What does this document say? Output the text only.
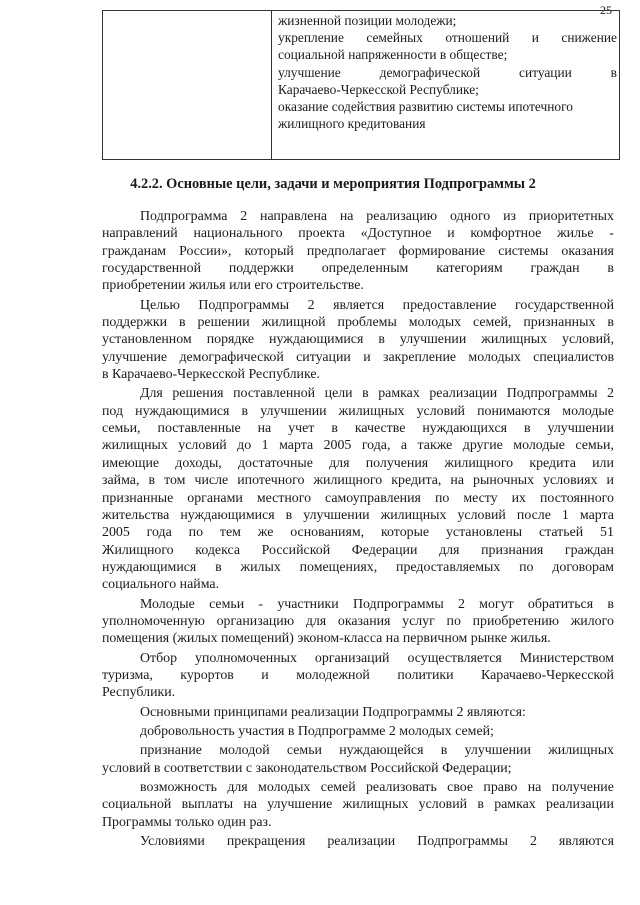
25
жизненной позиции молодежи;
укрепление семейных отношений и снижение
социальной напряженности в обществе;
улучшение	демографической	ситуации	в
Карачаево-Черкесской Республике;
оказание содействия развитию системы ипотечного
жилищного кредитования
4.2.2. Основные цели, задачи и мероприятия Подпрограммы 2
Подпрограмма 2 направлена на реализацию одного из приоритетных
направлений национального проекта «Доступное и комфортное жилье -
гражданам России», который предполагает формирование системы оказания
государственной поддержки определенным категориям граждан в
приобретении жилья или его строительстве.
Целью Подпрограммы 2 является предоставление государственной
поддержки в решении жилищной проблемы молодых семей, признанных в
установленном порядке нуждающимися в улучшении жилищных условий,
улучшение демографической ситуации и закрепление молодых специалистов
в Карачаево-Черкесской Республике.
Для решения поставленной цели в рамках реализации Подпрограммы 2
под нуждающимися в улучшении жилищных условий понимаются молодые
семьи, поставленные на учет в качестве нуждающихся в улучшении
жилищных условий до 1 марта 2005 года, а также другие молодые семьи,
имеющие доходы, достаточные для получения жилищного кредита или
займа, в том числе ипотечного жилищного кредита, на рыночных условиях и
признанные органами местного самоуправления по месту их постоянного
жительства нуждающимися в улучшении жилищных условий после 1 марта
2005 года по тем же основаниям, которые установлены статьей 51
Жилищного кодекса Российской Федерации для признания граждан
нуждающимися в жилых помещениях, предоставляемых по договорам
социального найма.
Молодые семьи - участники Подпрограммы 2 могут обратиться в
уполномоченную организацию для оказания услуг по приобретению жилого
помещения (жилых помещений) эконом-класса на первичном рынке жилья.
Отбор уполномоченных организаций осуществляется Министерством
туризма, курортов и молодежной политики Карачаево-Черкесской
Республики.
Основными принципами реализации Подпрограммы 2 являются:
добровольность участия в Подпрограмме 2 молодых семей;
признание молодой семьи нуждающейся в улучшении жилищных
условий в соответствии с законодательством Российской Федерации;
возможность для молодых семей реализовать свое право на получение
социальной выплаты на улучшение жилищных условий в рамках реализации
Программы только один раз.
Условиями прекращения реализации Подпрограммы 2 являются
